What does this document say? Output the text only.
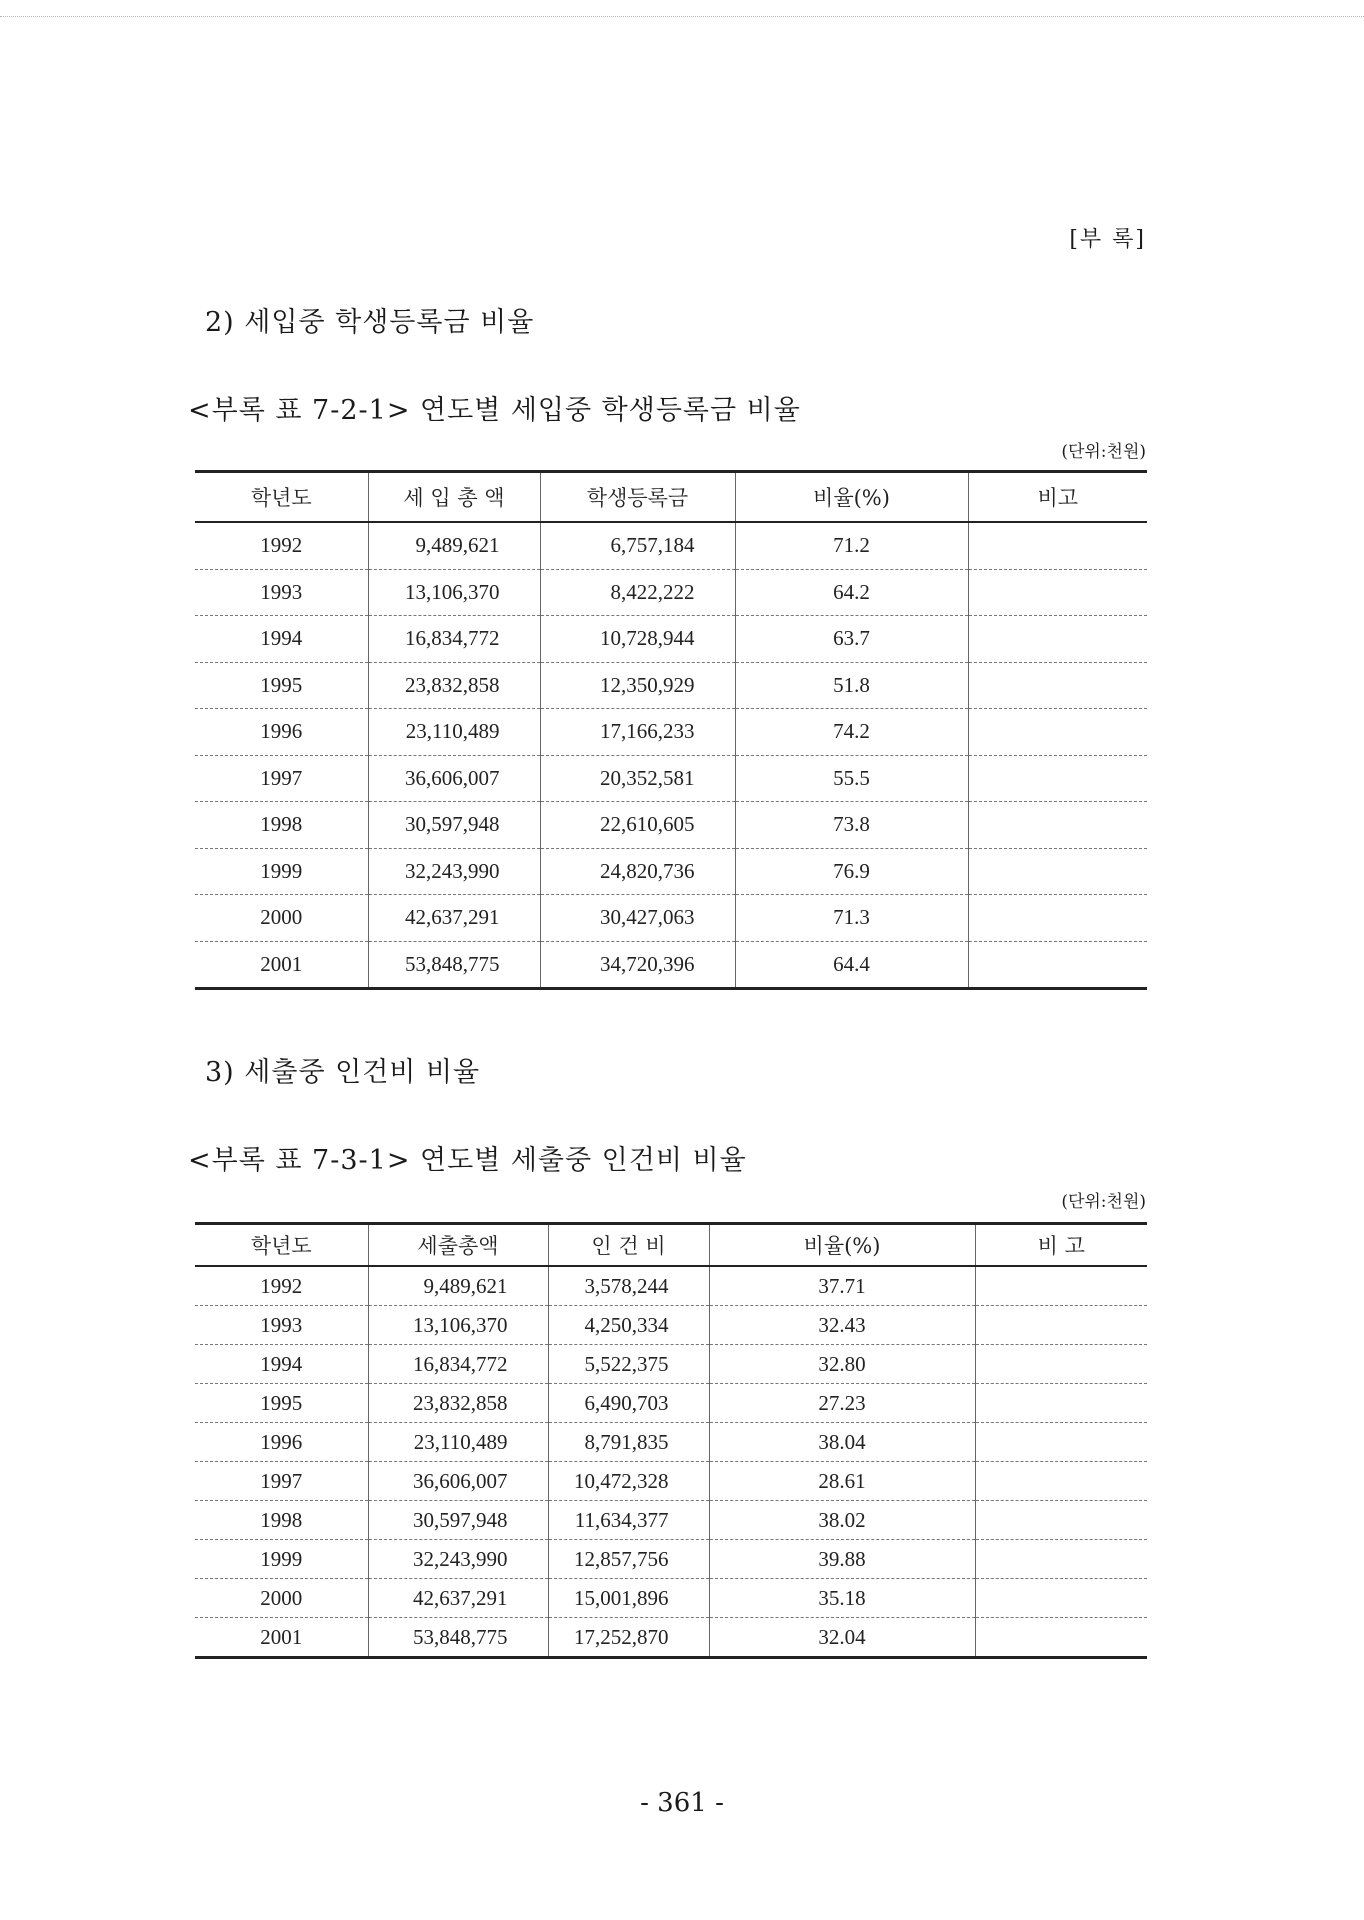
[부 록]
2) 세입중 학생등록금 비율
<부록 표 7-2-1> 연도별 세입중 학생등록금 비율
(단위:천원)
학년도	세 입 총 액	학생등록금	비율(%)	비고
1992	9,489,621	6,757,184	71.2	
1993	13,106,370	8,422,222	64.2	
1994	16,834,772	10,728,944	63.7	
1995	23,832,858	12,350,929	51.8	
1996	23,110,489	17,166,233	74.2	
1997	36,606,007	20,352,581	55.5	
1998	30,597,948	22,610,605	73.8	
1999	32,243,990	24,820,736	76.9	
2000	42,637,291	30,427,063	71.3	
2001	53,848,775	34,720,396	64.4	
3) 세출중 인건비 비율
<부록 표 7-3-1> 연도별 세출중 인건비 비율
(단위:천원)
학년도	세출총액	인 건 비	비율(%)	비 고
1992	9,489,621	3,578,244	37.71	
1993	13,106,370	4,250,334	32.43	
1994	16,834,772	5,522,375	32.80	
1995	23,832,858	6,490,703	27.23	
1996	23,110,489	8,791,835	38.04	
1997	36,606,007	10,472,328	28.61	
1998	30,597,948	11,634,377	38.02	
1999	32,243,990	12,857,756	39.88	
2000	42,637,291	15,001,896	35.18	
2001	53,848,775	17,252,870	32.04	
- 361 -
